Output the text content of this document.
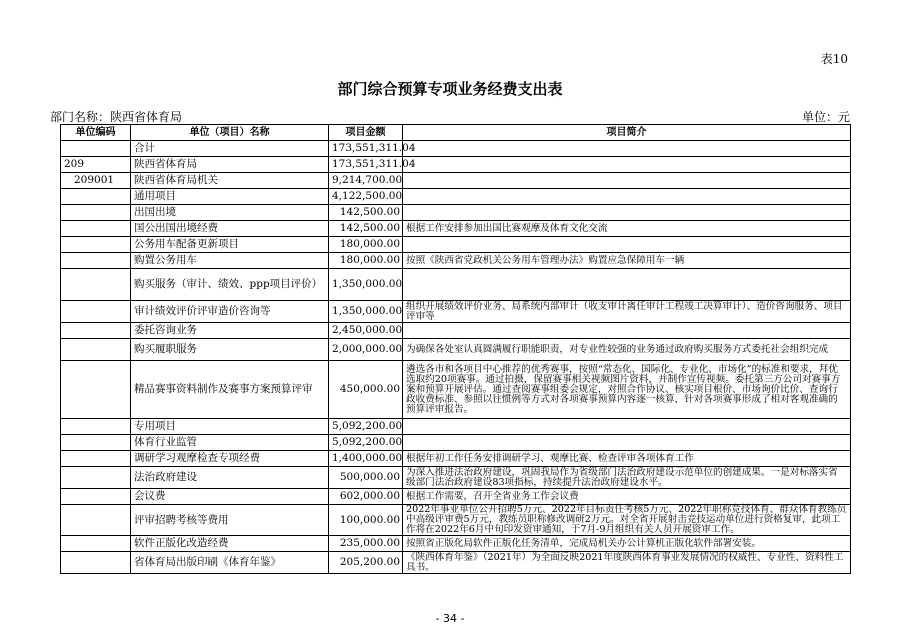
表10
部门综合预算专项业务经费支出表
部门名称：陕西省体育局	单位：元
单位编码	单位（项目）名称	项目金额	项目简介
	合计	173,551,311.04	
209	陕西省体育局	173,551,311.04	
209001	陕西省体育局机关	9,214,700.00	
	通用项目	4,122,500.00	
	出国出境	142,500.00	
	国公出国出境经费	142,500.00	根据工作安排参加出国比赛观摩及体育文化交流
	公务用车配备更新项目	180,000.00	
	购置公务用车	180,000.00	按照《陕西省党政机关公务用车管理办法》购置应急保障用车一辆
	购买服务（审计、绩效、ppp项目评价）	1,350,000.00	
	审计绩效评价评审造价咨询等	1,350,000.00	组织开展绩效评价业务、局系统内部审计（收支审计离任审计工程竣工决算审计）、造价咨询服务、项目评审等
	委托咨询业务	2,450,000.00	
	购买履职服务	2,000,000.00	为确保各处室认真圆满履行职能职责，对专业性较强的业务通过政府购买服务方式委托社会组织完成
	精品赛事资料制作及赛事方案预算评审	450,000.00	遴选各市和各项目中心推荐的优秀赛事，按照“常态化、国际化、专业化、市场化”的标准和要求，拜优选取约20项赛事。通过拍摄，保留赛事相关视频图片资料，并制作宣传视频。委托第三方公司对赛事方案和预算开展评估。通过查阅赛事组委会规定，对照合作协议、核实项目根价、市场询价比价、查询行政收费标准、参照以往惯例等方式对各项赛事预算内容逐一核算，针对各项赛事形成了相对客观准确的预算评审报告。
	专用项目	5,092,200.00	
	体育行业监管	5,092,200.00	
	调研学习观摩检查专项经费	1,400,000.00	根据年初工作任务安排调研学习、观摩比赛、检查评审各项体育工作
	法治政府建设	500,000.00	为深入推进法治政府建设，巩固我局作为省级部门法治政府建设示范单位的创建成果。一是对标落实省级部门法治政府建设83项指标，持续提升法治政府建设水平。
	会议费	602,000.00	根据工作需要，召开全省业务工作会议费
	评审招聘考核等费用	100,000.00	2022年事业单位公开招聘5万元、2022年目标责任考核5万元、2022年职称竞技体育、群众体育教练员中高级评审费5万元，教练员职称修改调研2万元。对全省开展射击竞技运动单位进行资格复审，此项工作将在2022年6月中旬印发资审通知，于7月-9月组织有关人员开展资审工作。
	软件正版化改造经费	235,000.00	按照省正版化局软件正版化任务清单，完成局机关办公计算机正版化软件部署安装。
	省体育局出版印刷《体育年鉴》	205,200.00	《陕西体育年鉴》（2021年）为全面反映2021年度陕西体育事业发展情况的权威性、专业性、资料性工具书。
- 34 -
